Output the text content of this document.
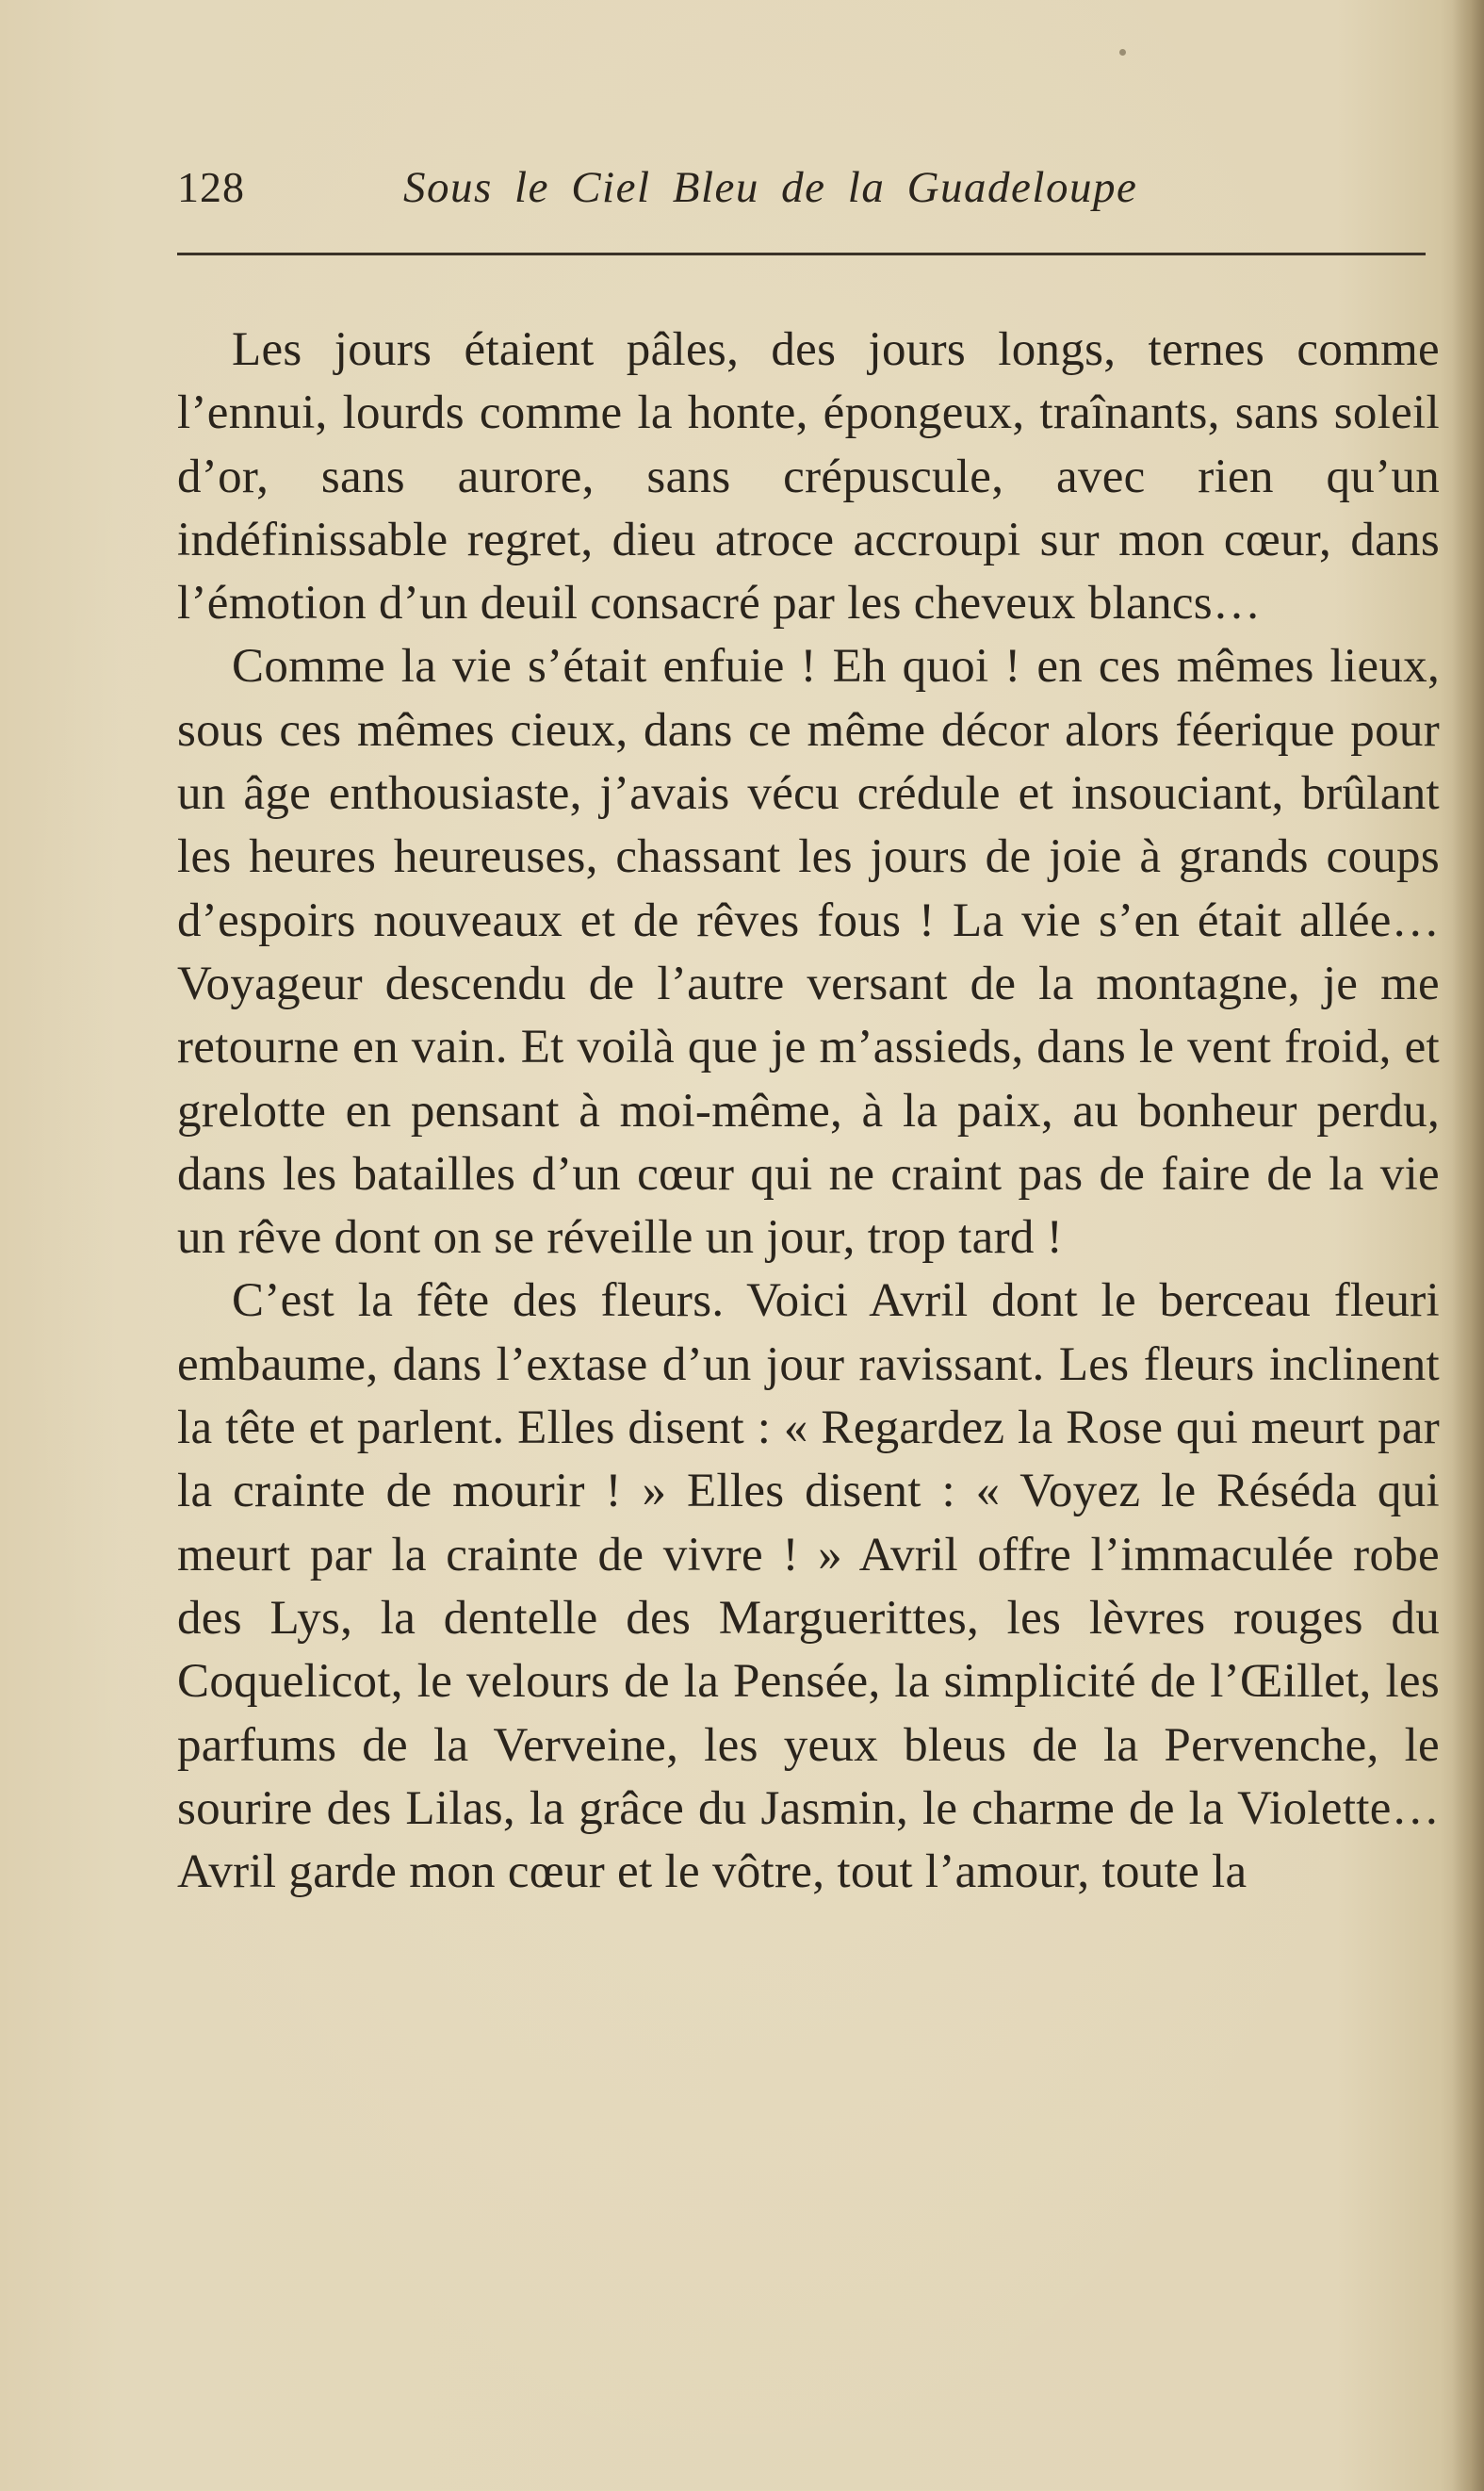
128	Sous le Ciel Bleu de la Guadeloupe

Les jours étaient pâles, des jours longs, ternes comme l’ennui, lourds comme la honte, épongeux, traînants, sans soleil d’or, sans aurore, sans crépuscule, avec rien qu’un indéfinissable regret, dieu atroce accroupi sur mon cœur, dans l’émotion d’un deuil consacré par les cheveux blancs…

Comme la vie s’était enfuie ! Eh quoi ! en ces mêmes lieux, sous ces mêmes cieux, dans ce même décor alors féerique pour un âge enthousiaste, j’avais vécu crédule et insouciant, brûlant les heures heureuses, chassant les jours de joie à grands coups d’espoirs nouveaux et de rêves fous ! La vie s’en était allée… Voyageur descendu de l’autre versant de la montagne, je me retourne en vain. Et voilà que je m’assieds, dans le vent froid, et grelotte en pensant à moi-même, à la paix, au bonheur perdu, dans les batailles d’un cœur qui ne craint pas de faire de la vie un rêve dont on se réveille un jour, trop tard !

C’est la fête des fleurs. Voici Avril dont le berceau fleuri embaume, dans l’extase d’un jour ravissant. Les fleurs inclinent la tête et parlent. Elles disent : « Regardez la Rose qui meurt par la crainte de mourir ! » Elles disent : « Voyez le Réséda qui meurt par la crainte de vivre ! » Avril offre l’immaculée robe des Lys, la dentelle des Marguerittes, les lèvres rouges du Coquelicot, le velours de la Pensée, la simplicité de l’Œillet, les parfums de la Verveine, les yeux bleus de la Pervenche, le sourire des Lilas, la grâce du Jasmin, le charme de la Violette… Avril garde mon cœur et le vôtre, tout l’amour, toute la
